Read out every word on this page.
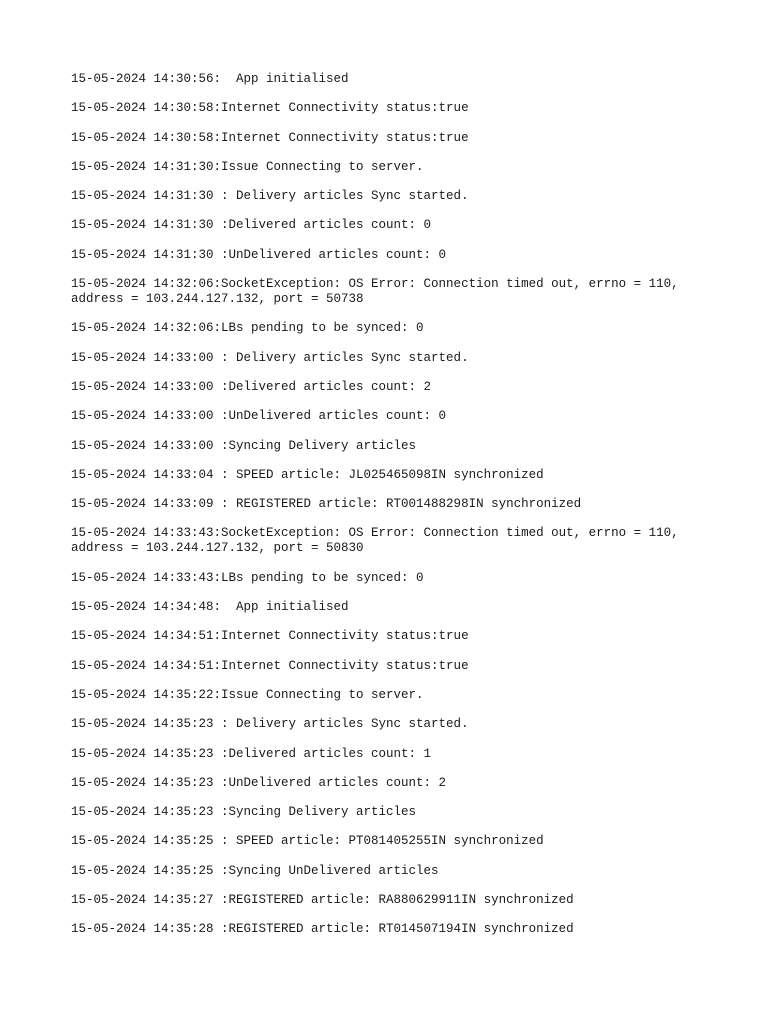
15-05-2024 14:30:56:  App initialised
15-05-2024 14:30:58:Internet Connectivity status:true
15-05-2024 14:30:58:Internet Connectivity status:true
15-05-2024 14:31:30:Issue Connecting to server.
15-05-2024 14:31:30 : Delivery articles Sync started.
15-05-2024 14:31:30 :Delivered articles count: 0
15-05-2024 14:31:30 :UnDelivered articles count: 0
15-05-2024 14:32:06:SocketException: OS Error: Connection timed out, errno = 110,
address = 103.244.127.132, port = 50738
15-05-2024 14:32:06:LBs pending to be synced: 0
15-05-2024 14:33:00 : Delivery articles Sync started.
15-05-2024 14:33:00 :Delivered articles count: 2
15-05-2024 14:33:00 :UnDelivered articles count: 0
15-05-2024 14:33:00 :Syncing Delivery articles
15-05-2024 14:33:04 : SPEED article: JL025465098IN synchronized
15-05-2024 14:33:09 : REGISTERED article: RT001488298IN synchronized
15-05-2024 14:33:43:SocketException: OS Error: Connection timed out, errno = 110,
address = 103.244.127.132, port = 50830
15-05-2024 14:33:43:LBs pending to be synced: 0
15-05-2024 14:34:48:  App initialised
15-05-2024 14:34:51:Internet Connectivity status:true
15-05-2024 14:34:51:Internet Connectivity status:true
15-05-2024 14:35:22:Issue Connecting to server.
15-05-2024 14:35:23 : Delivery articles Sync started.
15-05-2024 14:35:23 :Delivered articles count: 1
15-05-2024 14:35:23 :UnDelivered articles count: 2
15-05-2024 14:35:23 :Syncing Delivery articles
15-05-2024 14:35:25 : SPEED article: PT081405255IN synchronized
15-05-2024 14:35:25 :Syncing UnDelivered articles
15-05-2024 14:35:27 :REGISTERED article: RA880629911IN synchronized
15-05-2024 14:35:28 :REGISTERED article: RT014507194IN synchronized
